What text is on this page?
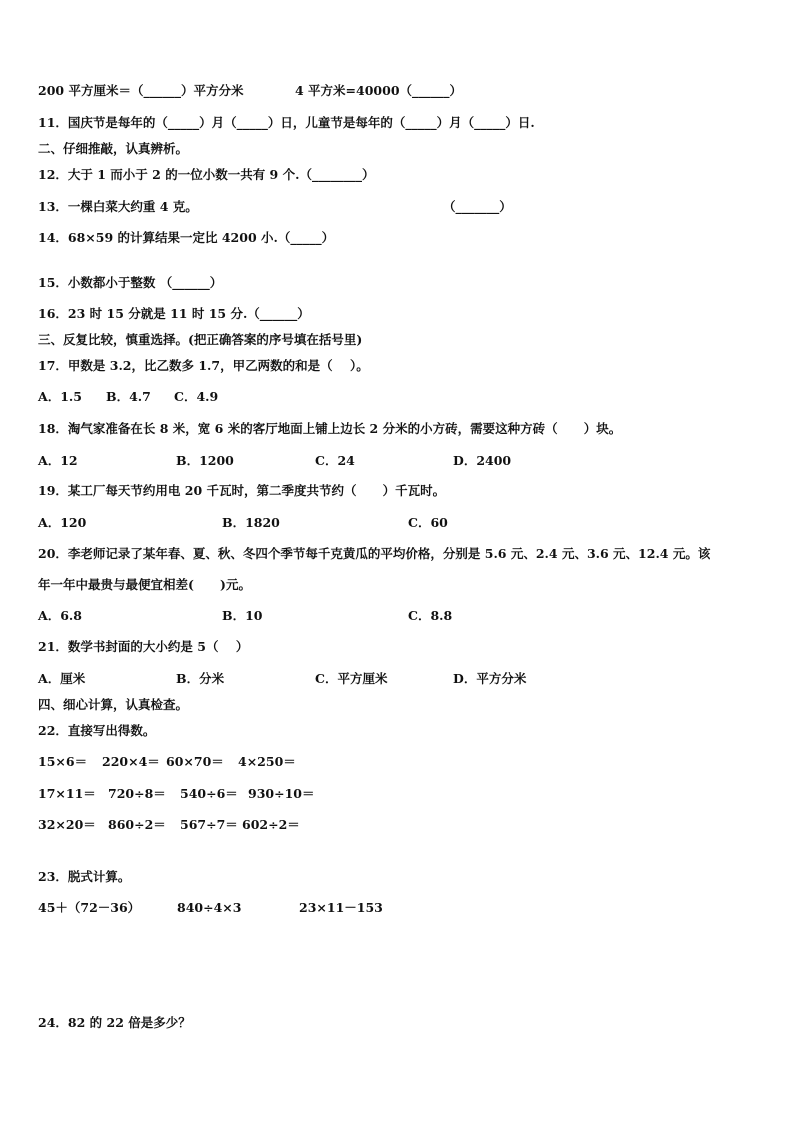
200 平方厘米＝（______）平方分米	4 平方米=40000（______）
11．国庆节是每年的（_____）月（_____）日，儿童节是每年的（_____）月（_____）日.
二、仔细推敲，认真辨析。
12．大于 1 而小于 2 的一位小数一共有 9 个.（________）
13．一棵白菜大约重 4 克。	（_______）
14．68×59 的计算结果一定比 4200 小.（_____）
15．小数都小于整数 （______）
16．23 时 15 分就是 11 时 15 分.（______）
三、反复比较，慎重选择。(把正确答案的序号填在括号里)
17．甲数是 3.2，比乙数多 1.7，甲乙两数的和是（    ）。
A．1.5	B．4.7	C．4.9
18．淘气家准备在长 8 米，宽 6 米的客厅地面上铺上边长 2 分米的小方砖，需要这种方砖（      ）块。
A．12	B．1200	C．24	D．2400
19．某工厂每天节约用电 20 千瓦时，第二季度共节约（      ）千瓦时。
A．120	B．1820	C．60
20．李老师记录了某年春、夏、秋、冬四个季节每千克黄瓜的平均价格，分别是 5.6 元、2.4 元、3.6 元、12.4 元。该
年一年中最贵与最便宜相差(      )元。
A．6.8	B．10	C．8.8
21．数学书封面的大小约是 5（    ）
A．厘米	B．分米	C．平方厘米	D．平方分米
四、细心计算，认真检查。
22．直接写出得数。
15×6＝	220×4＝ 60×70＝	4×250＝
17×11＝ 720÷8＝	540÷6＝ 930÷10＝
32×20＝ 860÷2＝	567÷7＝ 602÷2＝
23．脱式计算。
45＋（72－36）	840÷4×3	23×11－153
24．82 的 22 倍是多少？
